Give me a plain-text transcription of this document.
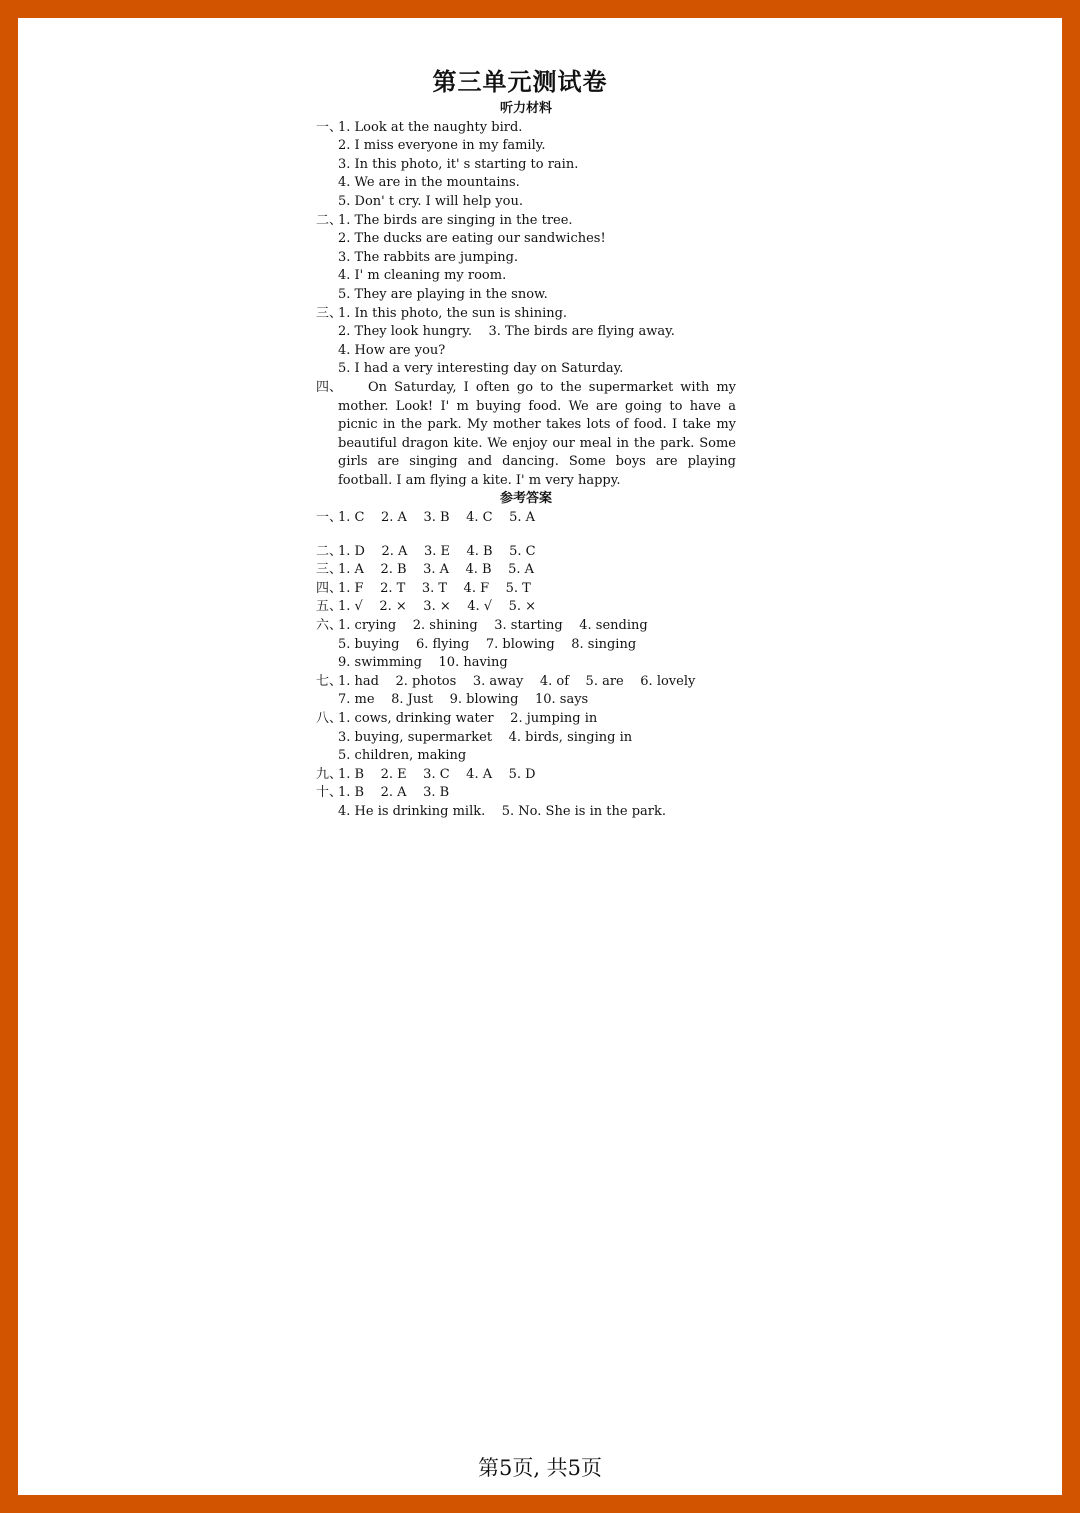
第三单元测试卷
听力材料
一、
1. Look at the naughty bird.
2. I miss everyone in my family.
3. In this photo, it' s starting to rain.
4. We are in the mountains.
5. Don' t cry. I will help you.
二、
1. The birds are singing in the tree.
2. The ducks are eating our sandwiches!
3. The rabbits are jumping.
4. I' m cleaning my room.
5. They are playing in the snow.
三、
1. In this photo, the sun is shining.
2. They look hungry.    3. The birds are flying away.
4. How are you?
5. I had a very interesting day on Saturday.
四、	On Saturday, I often go to the supermarket with my mother. Look! I' m buying food. We are going to have a picnic in the park. My mother takes lots of food. I take my beautiful dragon kite. We enjoy our meal in the park. Some girls are singing and dancing. Some boys are playing football. I am flying a kite. I' m very happy.
参考答案
一、
1. C    2. A    3. B    4. C    5. A
二、
1. D    2. A    3. E    4. B    5. C
三、
1. A    2. B    3. A    4. B    5. A
四、
1. F    2. T    3. T    4. F    5. T
五、
1. √    2. ×    3. ×    4. √    5. ×
六、
1. crying    2. shining    3. starting    4. sending
5. buying    6. flying    7. blowing    8. singing
9. swimming    10. having
七、
1. had    2. photos    3. away    4. of    5. are    6. lovely
7. me    8. Just    9. blowing    10. says
八、
1. cows, drinking water    2. jumping in
3. buying, supermarket    4. birds, singing in
5. children, making
九、
1. B    2. E    3. C    4. A    5. D
十、
1. B    2. A    3. B
4. He is drinking milk.    5. No. She is in the park.
第5页, 共5页
